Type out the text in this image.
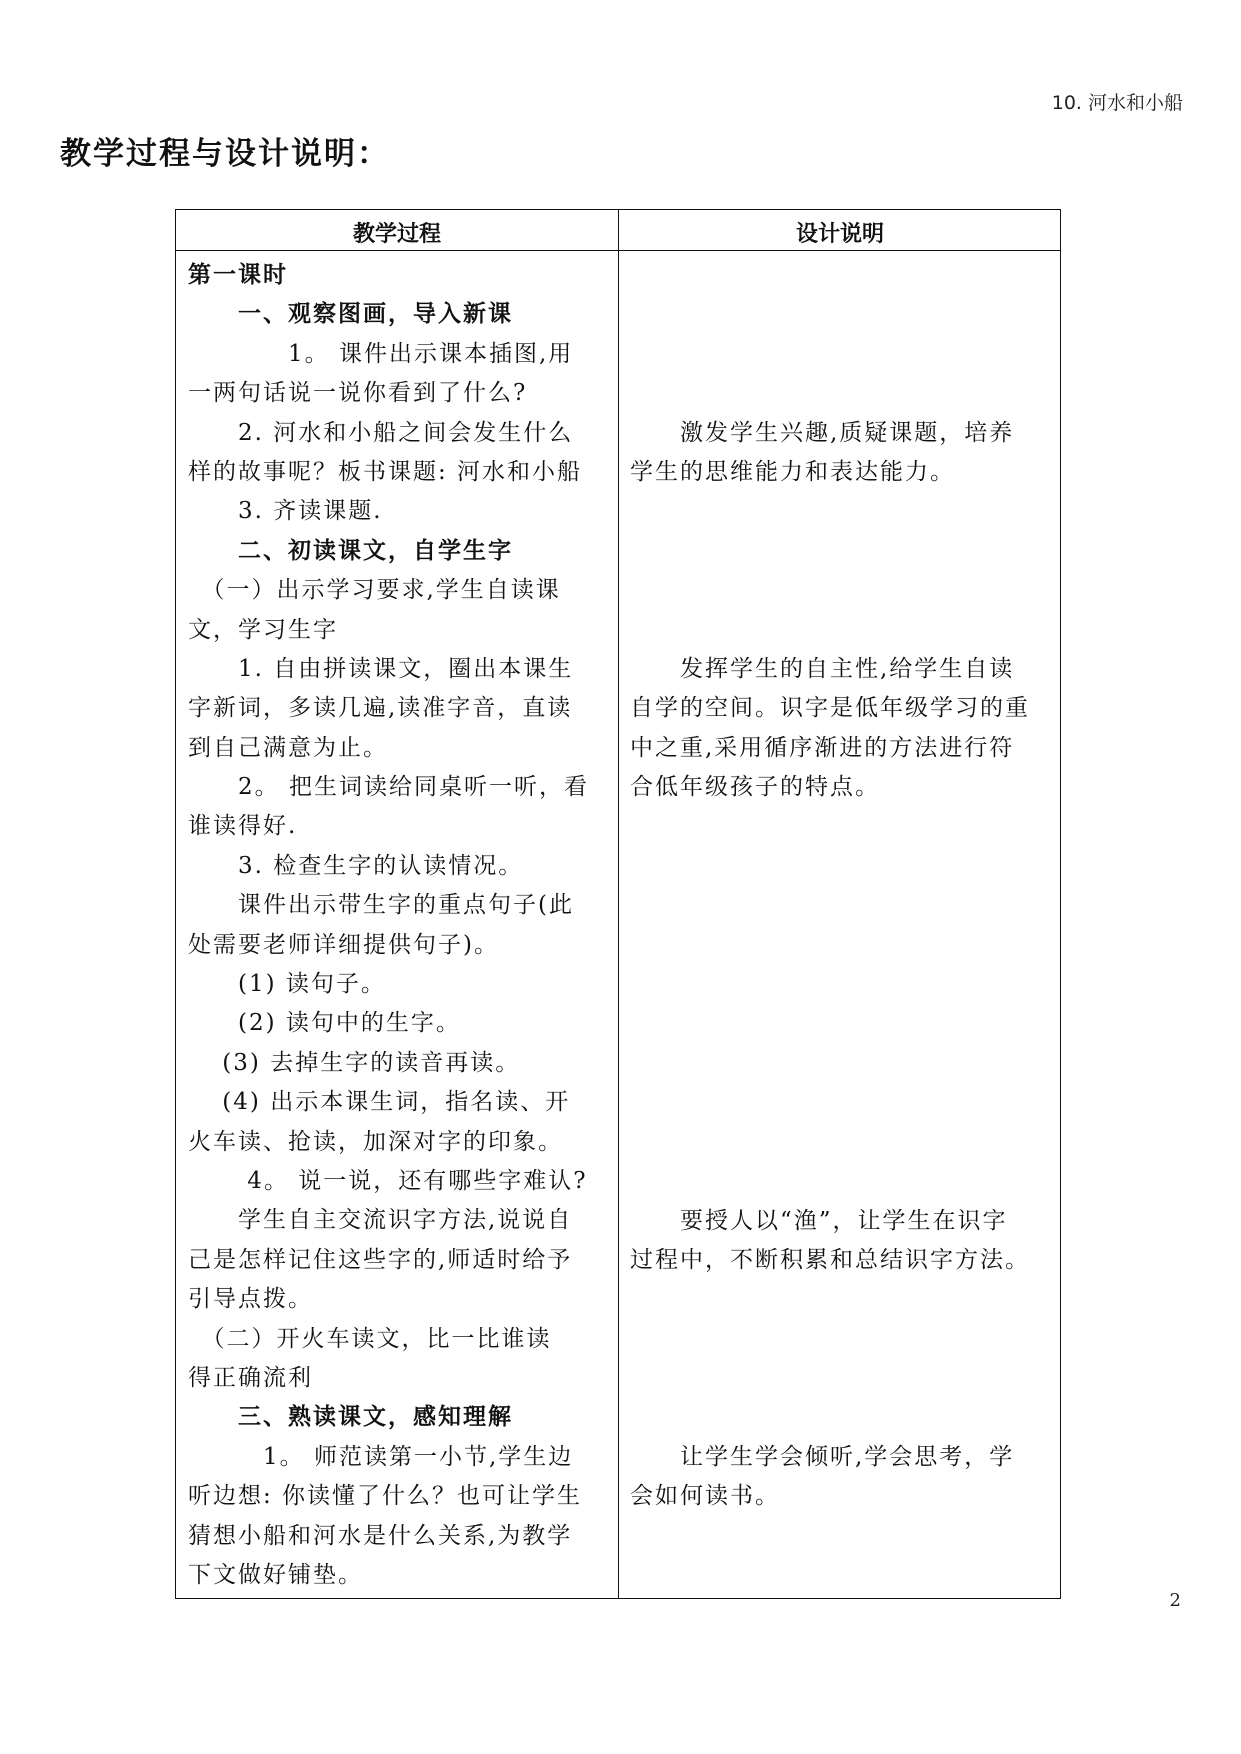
10. 河水和小船
教学过程与设计说明：
教学过程	设计说明
第一课时
　　一、观察图画，导入新课
　　　　1。 课件出示课本插图,用
一两句话说一说你看到了什么?
　　2. 河水和小船之间会发生什么
样的故事呢？板书课题: 河水和小船
　　3. 齐读课题.
　　二、初读课文，自学生字
　（一）出示学习要求,学生自读课
文，学习生字
　　1. 自由拼读课文，圈出本课生
字新词，多读几遍,读准字音，直读
到自己满意为止。
　　2。 把生词读给同桌听一听，看
谁读得好.
　　3. 检查生字的认读情况。
　　课件出示带生字的重点句子(此
处需要老师详细提供句子)。
　　(1) 读句子。
　　(2) 读句中的生字。
　 (3) 去掉生字的读音再读。
　 (4) 出示本课生词，指名读、开
火车读、抢读，加深对字的印象。
　　 4。 说一说，还有哪些字难认?
　　学生自主交流识字方法,说说自
己是怎样记住这些字的,师适时给予
引导点拨。
　（二）开火车读文，比一比谁读
得正确流利
　　三、熟读课文，感知理解
　　　1。 师范读第一小节,学生边
听边想: 你读懂了什么？也可让学生
猜想小船和河水是什么关系,为教学
下文做好铺垫。
　　激发学生兴趣,质疑课题，培养
学生的思维能力和表达能力。
　　发挥学生的自主性,给学生自读
自学的空间。识字是低年级学习的重
中之重,采用循序渐进的方法进行符
合低年级孩子的特点。
　　要授人以“渔”，让学生在识字
过程中，不断积累和总结识字方法。
　　让学生学会倾听,学会思考，学
会如何读书。
2
